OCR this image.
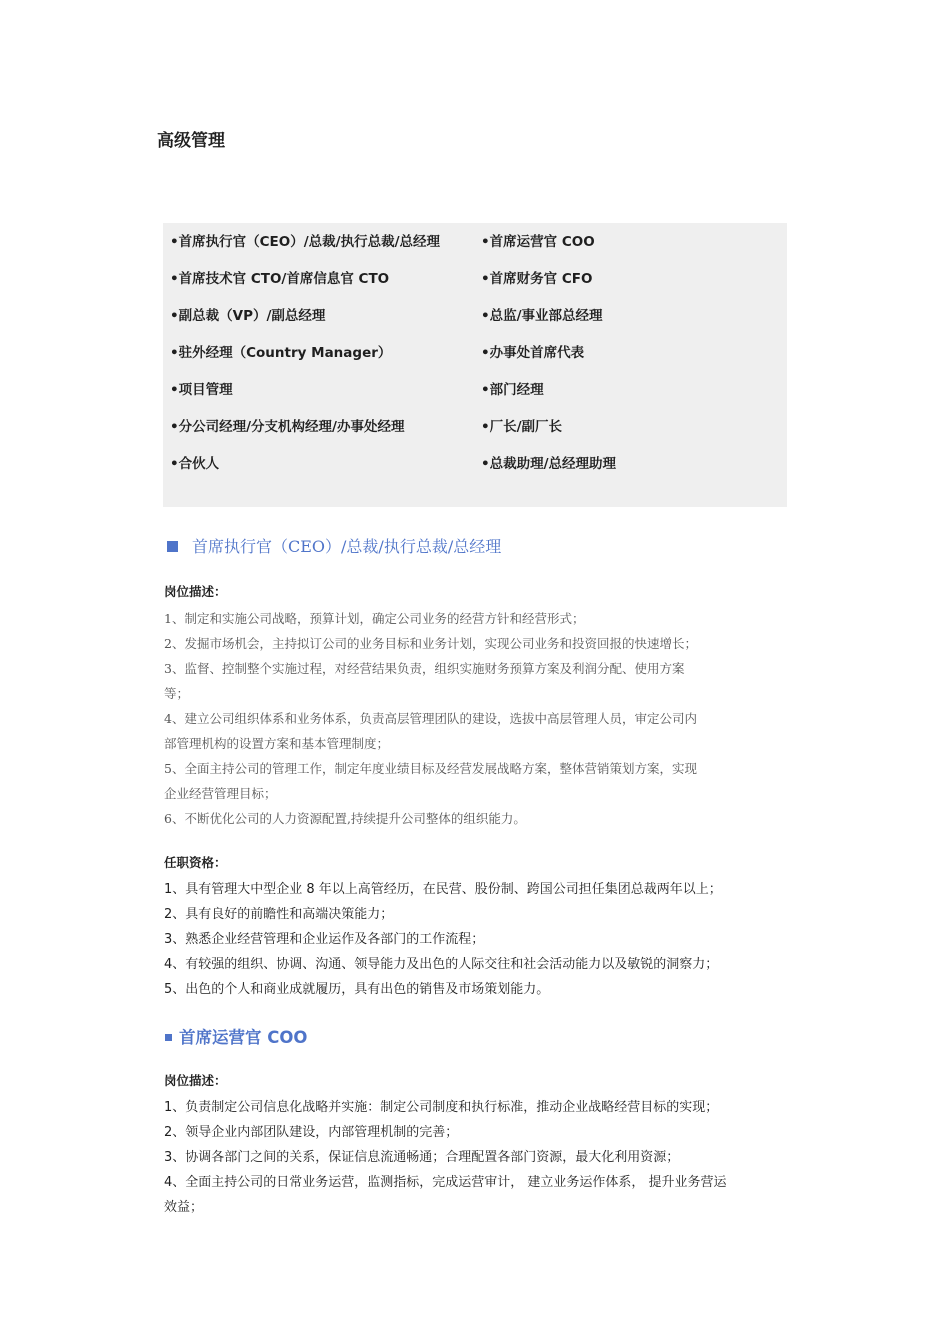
高级管理
•首席执行官（CEO）/总裁/执行总裁/总经理	•首席运营官 COO
•首席技术官 CTO/首席信息官 CTO	•首席财务官 CFO
•副总裁（VP）/副总经理	•总监/事业部总经理
•驻外经理（Country Manager）	•办事处首席代表
•项目管理	•部门经理
•分公司经理/分支机构经理/办事处经理	•厂长/副厂长
•合伙人	•总裁助理/总经理助理
首席执行官（CEO）/总裁/执行总裁/总经理

岗位描述：

1、制定和实施公司战略，预算计划，确定公司业务的经营方针和经营形式；

2、发掘市场机会，主持拟订公司的业务目标和业务计划，实现公司业务和投资回报的快速增长；

3、监督、控制整个实施过程，对经营结果负责，组织实施财务预算方案及利润分配、使用方案

等；

4、建立公司组织体系和业务体系，负责高层管理团队的建设，选拔中高层管理人员，审定公司内

部管理机构的设置方案和基本管理制度；

5、全面主持公司的管理工作，制定年度业绩目标及经营发展战略方案，整体营销策划方案，实现

企业经营管理目标；

6、不断优化公司的人力资源配置,持续提升公司整体的组织能力。

任职资格：

1、具有管理大中型企业 8 年以上高管经历，在民营、股份制、跨国公司担任集团总裁两年以上；

2、具有良好的前瞻性和高端决策能力；

3、熟悉企业经营管理和企业运作及各部门的工作流程；

4、有较强的组织、协调、沟通、领导能力及出色的人际交往和社会活动能力以及敏锐的洞察力；

5、出色的个人和商业成就履历，具有出色的销售及市场策划能力。

首席运营官 COO

岗位描述：

1、负责制定公司信息化战略并实施：制定公司制度和执行标准，推动企业战略经营目标的实现；

2、领导企业内部团队建设，内部管理机制的完善；

3、协调各部门之间的关系，保证信息流通畅通；合理配置各部门资源，最大化利用资源；

4、全面主持公司的日常业务运营，监测指标，完成运营审计， 建立业务运作体系， 提升业务营运

效益；
